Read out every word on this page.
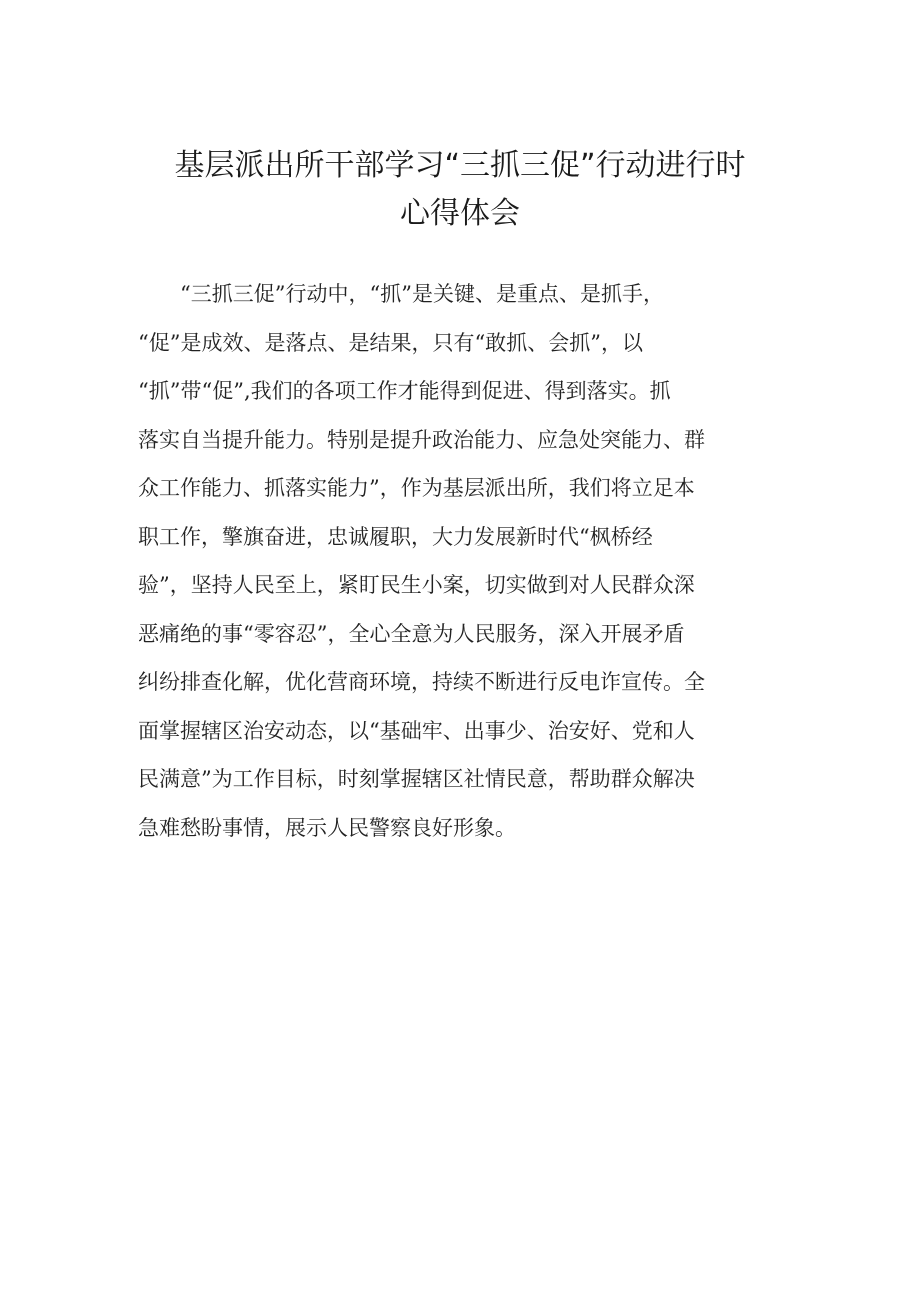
基层派出所干部学习“三抓三促”行动进行时
心得体会
“三抓三促”行动中，“抓”是关键、是重点、是抓手，
“促”是成效、是落点、是结果，只有“敢抓、会抓”，以
“抓”带“促”,我们的各项工作才能得到促进、得到落实。抓
落实自当提升能力。特别是提升政治能力、应急处突能力、群
众工作能力、抓落实能力”，作为基层派出所，我们将立足本
职工作，擎旗奋进，忠诚履职，大力发展新时代“枫桥经
验”，坚持人民至上，紧盯民生小案，切实做到对人民群众深
恶痛绝的事“零容忍”，全心全意为人民服务，深入开展矛盾
纠纷排查化解，优化营商环境，持续不断进行反电诈宣传。全
面掌握辖区治安动态，以“基础牢、出事少、治安好、党和人
民满意”为工作目标，时刻掌握辖区社情民意，帮助群众解决
急难愁盼事情，展示人民警察良好形象。
